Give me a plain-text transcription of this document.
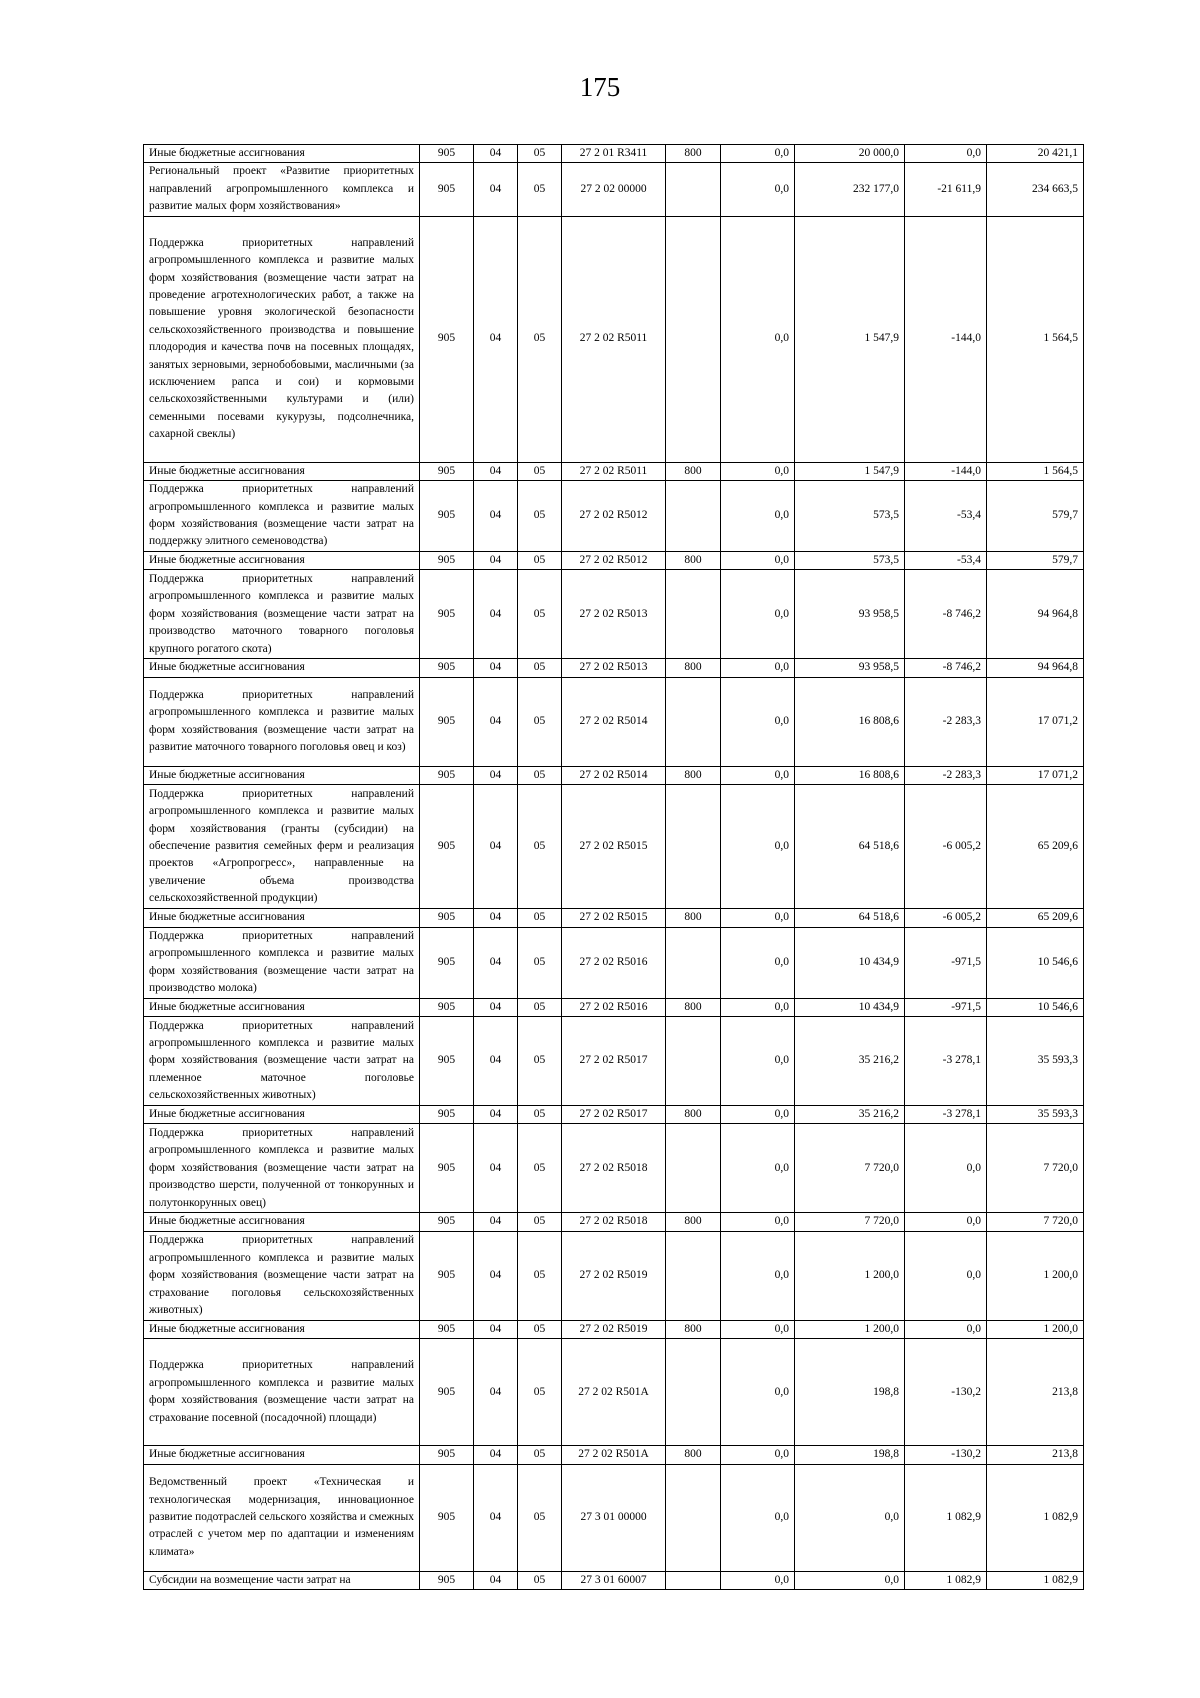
175
Иные бюджетные ассигнования	905	04	05	27 2 01 R3411	800	0,0	20 000,0	0,0	20 421,1
Региональный проект «Развитие приоритетных направлений агропромышленного комплекса и развитие малых форм хозяйствования»	905	04	05	27 2 02 00000		0,0	232 177,0	-21 611,9	234 663,5
Поддержка приоритетных направлений агропромышленного комплекса и развитие малых форм хозяйствования (возмещение части затрат на проведение агротехнологических работ, а также на повышение уровня экологической безопасности сельскохозяйственного производства и повышение плодородия и качества почв на посевных площадях, занятых зерновыми, зернобобовыми, масличными (за исключением рапса и сои) и кормовыми сельскохозяйственными культурами и (или) семенными посевами кукурузы, подсолнечника, сахарной свеклы)	905	04	05	27 2 02 R5011		0,0	1 547,9	-144,0	1 564,5
Иные бюджетные ассигнования	905	04	05	27 2 02 R5011	800	0,0	1 547,9	-144,0	1 564,5
Поддержка приоритетных направлений агропромышленного комплекса и развитие малых форм хозяйствования (возмещение части затрат на поддержку элитного семеноводства)	905	04	05	27 2 02 R5012		0,0	573,5	-53,4	579,7
Иные бюджетные ассигнования	905	04	05	27 2 02 R5012	800	0,0	573,5	-53,4	579,7
Поддержка приоритетных направлений агропромышленного комплекса и развитие малых форм хозяйствования (возмещение части затрат на производство маточного товарного поголовья крупного рогатого скота)	905	04	05	27 2 02 R5013		0,0	93 958,5	-8 746,2	94 964,8
Иные бюджетные ассигнования	905	04	05	27 2 02 R5013	800	0,0	93 958,5	-8 746,2	94 964,8
Поддержка приоритетных направлений агропромышленного комплекса и развитие малых форм хозяйствования (возмещение части затрат на развитие маточного товарного поголовья овец и коз)	905	04	05	27 2 02 R5014		0,0	16 808,6	-2 283,3	17 071,2
Иные бюджетные ассигнования	905	04	05	27 2 02 R5014	800	0,0	16 808,6	-2 283,3	17 071,2
Поддержка приоритетных направлений агропромышленного комплекса и развитие малых форм хозяйствования (гранты (субсидии) на обеспечение развития семейных ферм и реализация проектов «Агропрогресс», направленные на увеличение объема производства сельскохозяйственной продукции)	905	04	05	27 2 02 R5015		0,0	64 518,6	-6 005,2	65 209,6
Иные бюджетные ассигнования	905	04	05	27 2 02 R5015	800	0,0	64 518,6	-6 005,2	65 209,6
Поддержка приоритетных направлений агропромышленного комплекса и развитие малых форм хозяйствования (возмещение части затрат на производство молока)	905	04	05	27 2 02 R5016		0,0	10 434,9	-971,5	10 546,6
Иные бюджетные ассигнования	905	04	05	27 2 02 R5016	800	0,0	10 434,9	-971,5	10 546,6
Поддержка приоритетных направлений агропромышленного комплекса и развитие малых форм хозяйствования (возмещение части затрат на племенное маточное поголовье сельскохозяйственных животных)	905	04	05	27 2 02 R5017		0,0	35 216,2	-3 278,1	35 593,3
Иные бюджетные ассигнования	905	04	05	27 2 02 R5017	800	0,0	35 216,2	-3 278,1	35 593,3
Поддержка приоритетных направлений агропромышленного комплекса и развитие малых форм хозяйствования (возмещение части затрат на производство шерсти, полученной от тонкорунных и полутонкорунных овец)	905	04	05	27 2 02 R5018		0,0	7 720,0	0,0	7 720,0
Иные бюджетные ассигнования	905	04	05	27 2 02 R5018	800	0,0	7 720,0	0,0	7 720,0
Поддержка приоритетных направлений агропромышленного комплекса и развитие малых форм хозяйствования (возмещение части затрат на страхование поголовья сельскохозяйственных животных)	905	04	05	27 2 02 R5019		0,0	1 200,0	0,0	1 200,0
Иные бюджетные ассигнования	905	04	05	27 2 02 R5019	800	0,0	1 200,0	0,0	1 200,0
Поддержка приоритетных направлений агропромышленного комплекса и развитие малых форм хозяйствования (возмещение части затрат на страхование посевной (посадочной) площади)	905	04	05	27 2 02 R501A		0,0	198,8	-130,2	213,8
Иные бюджетные ассигнования	905	04	05	27 2 02 R501A	800	0,0	198,8	-130,2	213,8
Ведомственный проект «Техническая и технологическая модернизация, инновационное развитие подотраслей сельского хозяйства и смежных отраслей с учетом мер по адаптации и изменениям климата»	905	04	05	27 3 01 00000		0,0	0,0	1 082,9	1 082,9
Субсидии на возмещение части затрат на	905	04	05	27 3 01 60007		0,0	0,0	1 082,9	1 082,9
